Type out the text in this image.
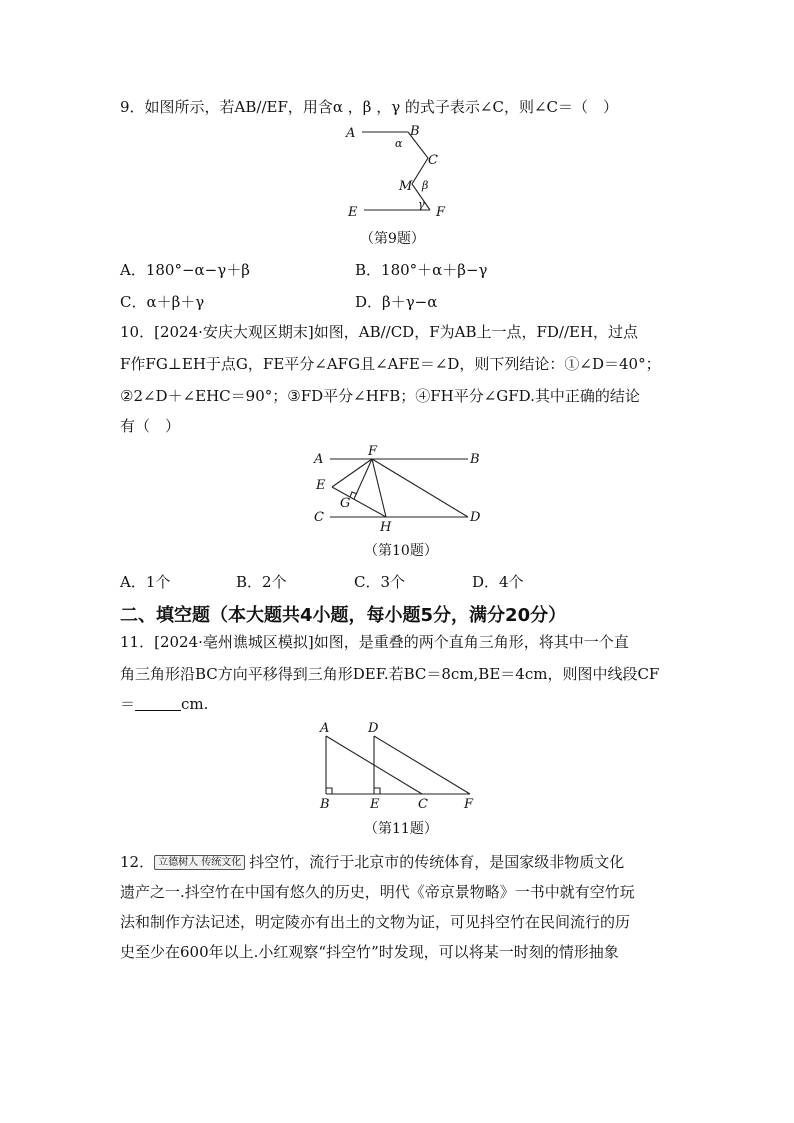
9．如图所示，若AB//EF，用含α ，β ，γ 的式子表示∠C，则∠C＝（　）
A	B
C
M
E	F
α
β
γ
（第9题）
A．180°−α−γ＋β	B．180°＋α＋β−γ
C．α＋β＋γ	D．β＋γ−α
10．[2024·安庆大观区期末]如图，AB//CD，F为AB上一点，FD//EH，过点
F作FG⊥EH于点G，FE平分∠AFG且∠AFE＝∠D，则下列结论：①∠D＝40°；
②2∠D＋∠EHC＝90°；③FD平分∠HFB；④FH平分∠GFD.其中正确的结论
有（　）
A
F
B
E
G
C
H
D
（第10题）
A．1个	B．2个	C．3个	D．4个
二、填空题（本大题共4小题，每小题5分，满分20分）
11．[2024·亳州谯城区模拟]如图，是重叠的两个直角三角形，将其中一个直
角三角形沿BC方向平移得到三角形DEF.若BC＝8cm,BE＝4cm，则图中线段CF
＝	cm.
A	D
B	E	C	F
（第11题）
12． 立德树人 传统文化 抖空竹，流行于北京市的传统体育，是国家级非物质文化
遗产之一.抖空竹在中国有悠久的历史，明代《帝京景物略》一书中就有空竹玩
法和制作方法记述，明定陵亦有出土的文物为证，可见抖空竹在民间流行的历
史至少在600年以上.小红观察“抖空竹”时发现，可以将某一时刻的情形抽象
